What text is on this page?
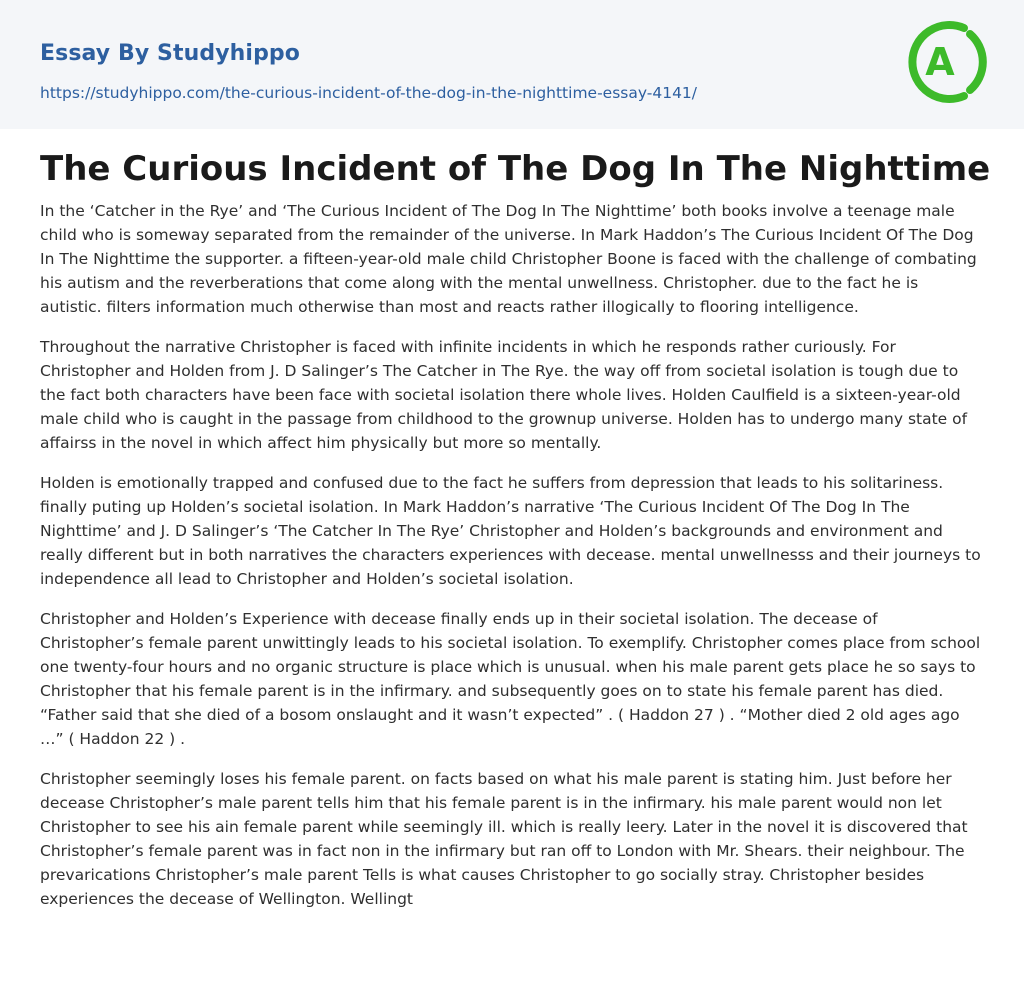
Essay By Studyhippo
https://studyhippo.com/the-curious-incident-of-the-dog-in-the-nighttime-essay-4141/
A
The Curious Incident of The Dog In The Nighttime

In the ‘Catcher in the Rye’ and ‘The Curious Incident of The Dog In The Nighttime’ both books involve a teenage male child who is someway separated from the remainder of the universe. In Mark Haddon’s The Curious Incident Of The Dog In The Nighttime the supporter. a fifteen-year-old male child Christopher Boone is faced with the challenge of combating his autism and the reverberations that come along with the mental unwellness. Christopher. due to the fact he is autistic. filters information much otherwise than most and reacts rather illogically to flooring intelligence.

Throughout the narrative Christopher is faced with infinite incidents in which he responds rather curiously. For Christopher and Holden from J. D Salinger’s The Catcher in The Rye. the way off from societal isolation is tough due to the fact both characters have been face with societal isolation there whole lives. Holden Caulfield is a sixteen-year-old male child who is caught in the passage from childhood to the grownup universe. Holden has to undergo many state of affairss in the novel in which affect him physically but more so mentally.

Holden is emotionally trapped and confused due to the fact he suffers from depression that leads to his solitariness. finally puting up Holden’s societal isolation. In Mark Haddon’s narrative ‘The Curious Incident Of The Dog In The Nighttime’ and J. D Salinger’s ‘The Catcher In The Rye’ Christopher and Holden’s backgrounds and environment and really different but in both narratives the characters experiences with decease. mental unwellnesss and their journeys to independence all lead to Christopher and Holden’s societal isolation.

Christopher and Holden’s Experience with decease finally ends up in their societal isolation. The decease of Christopher’s female parent unwittingly leads to his societal isolation. To exemplify. Christopher comes place from school one twenty-four hours and no organic structure is place which is unusual. when his male parent gets place he so says to Christopher that his female parent is in the infirmary. and subsequently goes on to state his female parent has died. “Father said that she died of a bosom onslaught and it wasn’t expected” . ( Haddon 27 ) . “Mother died 2 old ages ago …” ( Haddon 22 ) .

Christopher seemingly loses his female parent. on facts based on what his male parent is stating him. Just before her decease Christopher’s male parent tells him that his female parent is in the infirmary. his male parent would non let Christopher to see his ain female parent while seemingly ill. which is really leery. Later in the novel it is discovered that Christopher’s female parent was in fact non in the infirmary but ran off to London with Mr. Shears. their neighbour. The prevarications Christopher’s male parent Tells is what causes Christopher to go socially stray. Christopher besides experiences the decease of Wellington. Wellingt
